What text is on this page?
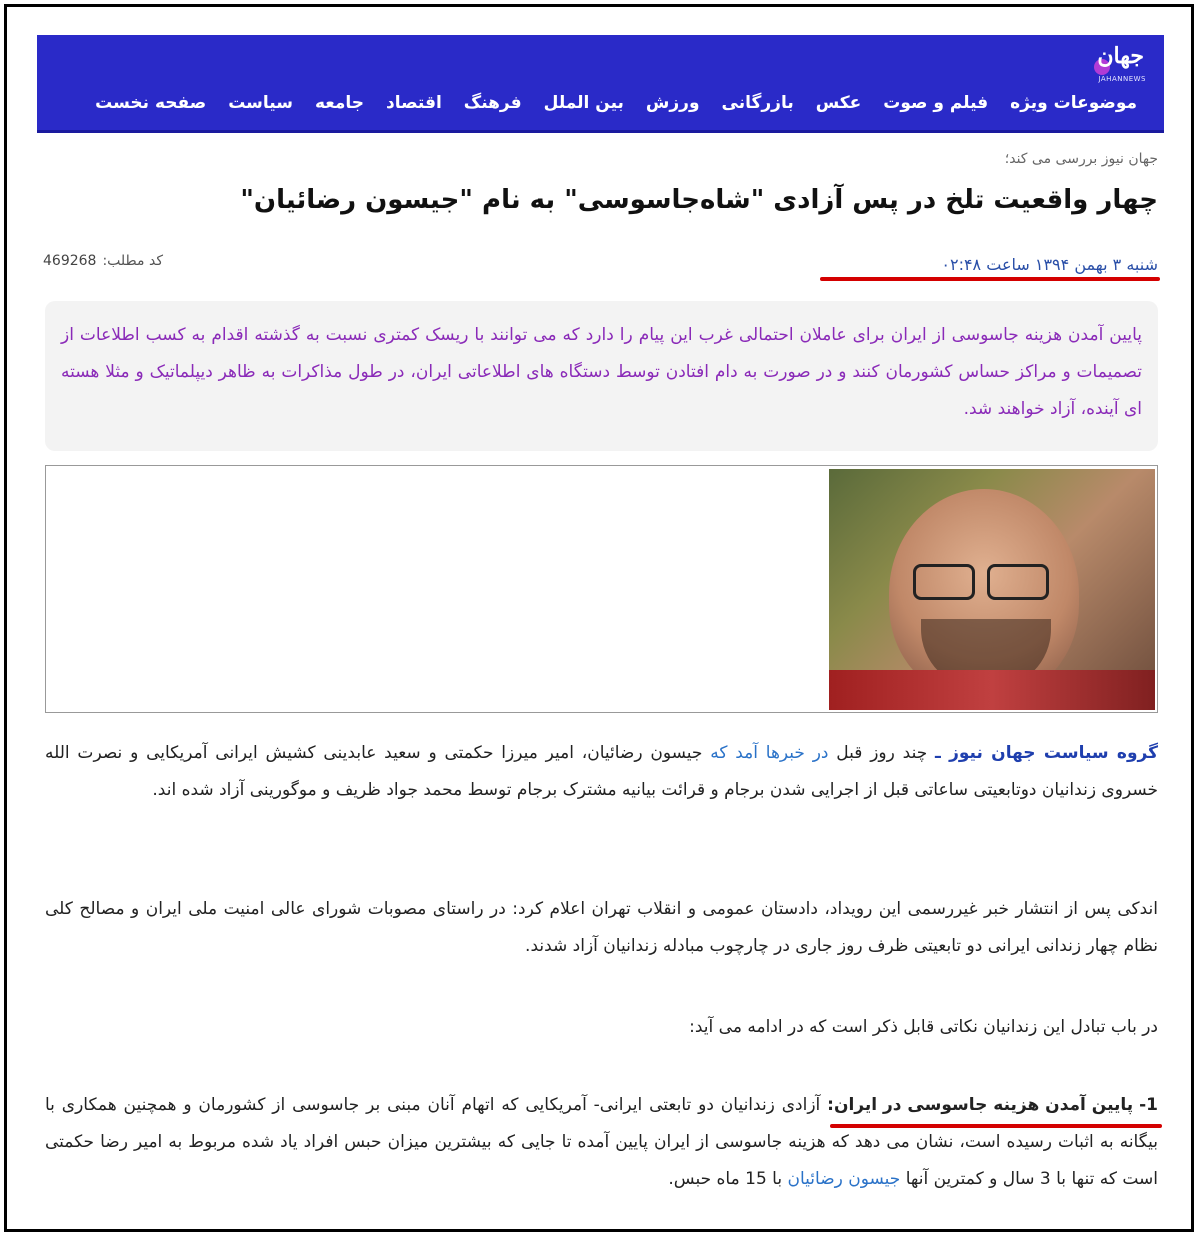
جهان
JAHANNEWS
صفحه نخست	سیاست	جامعه	اقتصاد	فرهنگ	بین الملل	ورزش	بازرگانی	عکس	فیلم و صوت	موضوعات ویژه
جهان نیوز بررسی می کند؛
چهار واقعیت تلخ در پس آزادی "شاه‌جاسوسی" به نام "جیسون رضائیان"
شنبه ۳ بهمن ۱۳۹۴ ساعت ۰۲:۴۸
کد مطلب:469268
پایین آمدن هزینه جاسوسی از ایران برای عاملان احتمالی غرب این پیام را دارد که می توانند با ریسک کمتری نسبت به گذشته اقدام به کسب اطلاعات از تصمیمات و مراکز حساس کشورمان کنند و در صورت به دام افتادن توسط دستگاه های اطلاعاتی ایران، در طول مذاکرات به ظاهر دیپلماتیک و مثلا هسته ای آینده، آزاد خواهند شد.

گروه سیاست جهان نیوز ـ چند روز قبل در خبرها آمد که جیسون رضائیان، امیر میرزا حکمتی و سعید عابدینی کشیش ایرانی آمریکایی و نصرت الله خسروی زندانیان دوتابعیتی ساعاتی قبل از اجرایی شدن برجام و قرائت بیانیه مشترک برجام توسط محمد جواد ظریف و موگورینی آزاد شده اند.

اندکی پس از انتشار خبر غیررسمی این رویداد، دادستان عمومی و انقلاب تهران اعلام کرد: در راستای مصوبات شورای عالی امنیت ملی ایران و مصالح کلی نظام چهار زندانی ایرانی دو تابعیتی ظرف روز جاری در چارچوب مبادله زندانیان آزاد شدند.

در باب تبادل این زندانیان نکاتی قابل ذکر است که در ادامه می آید:

1- پایین آمدن هزینه جاسوسی در ایران:
آزادی زندانیان دو تابعتی ایرانی- آمریکایی که اتهام آنان مبنی بر جاسوسی از کشورمان و همچنین همکاری با بیگانه به اثبات رسیده است، نشان می دهد که هزینه جاسوسی از ایران پایین آمده تا جایی که بیشترین میزان حبس افراد یاد شده مربوط به امیر رضا حکمتی است که تنها با 3 سال و کمترین آنها جیسون رضائیان با 15 ماه حبس.
